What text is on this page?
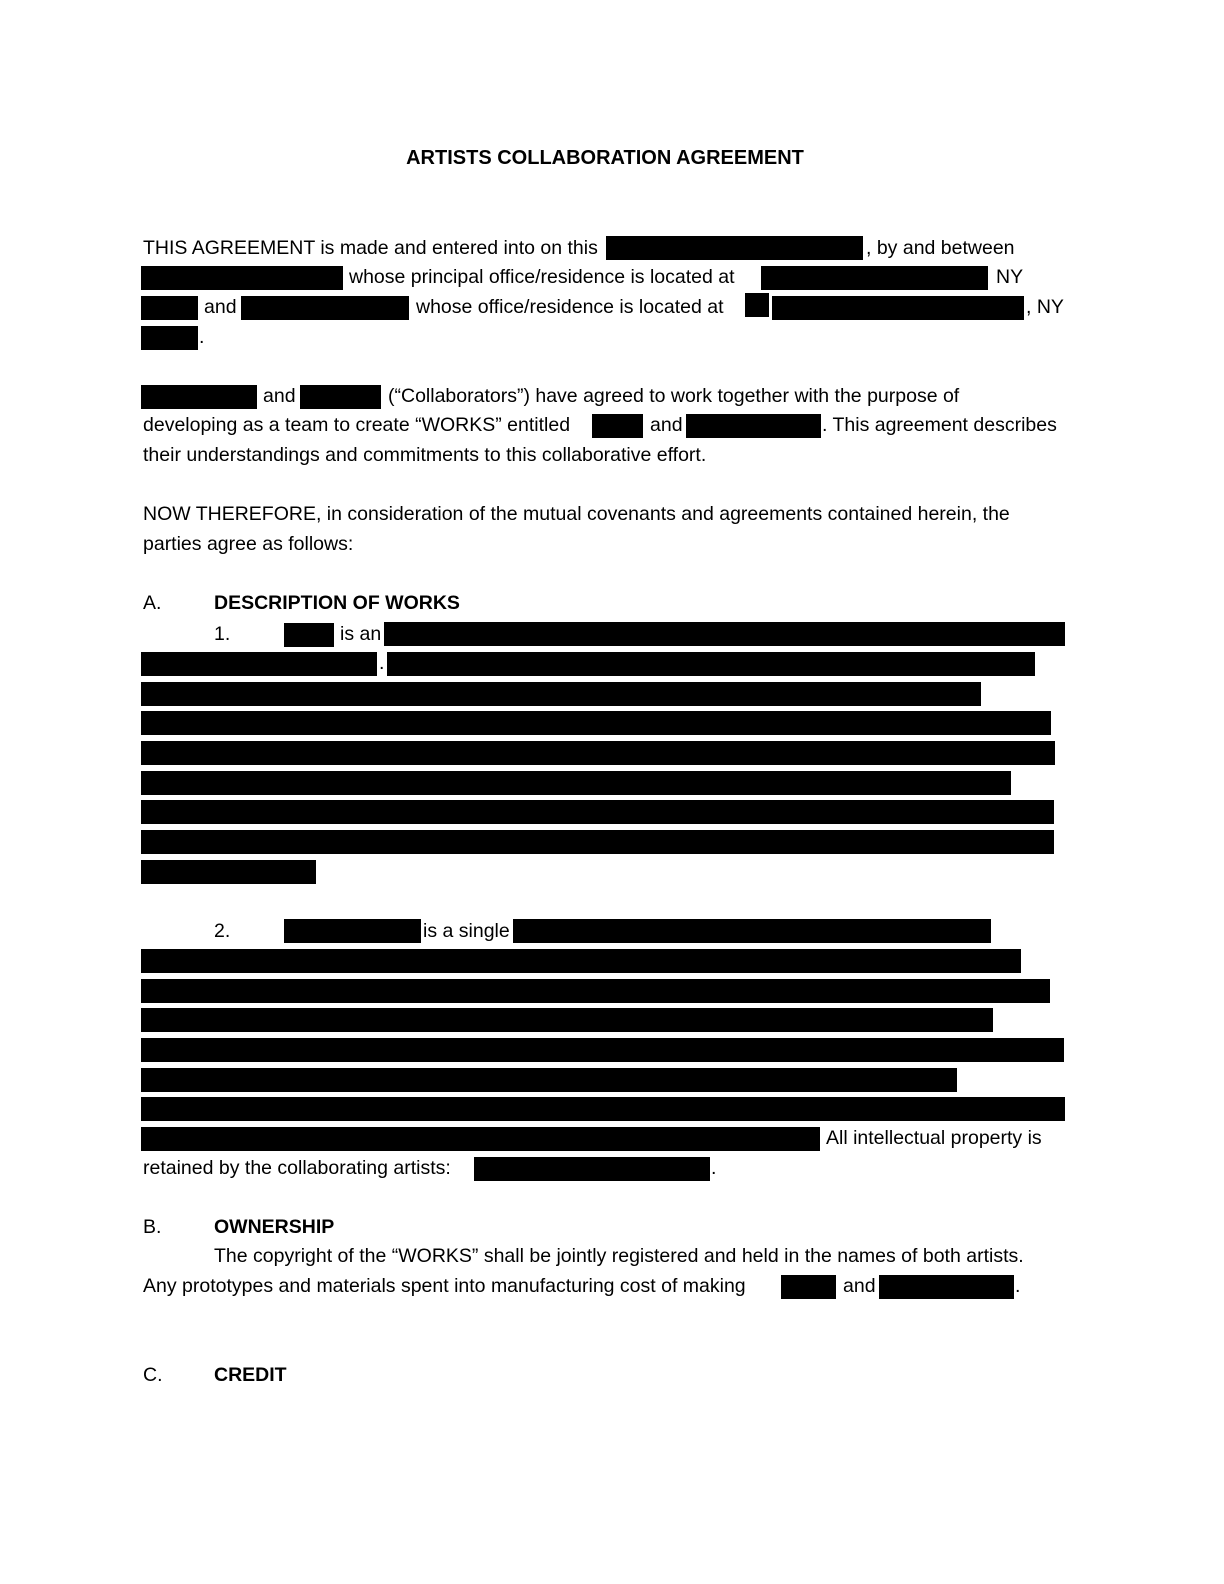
ARTISTS COLLABORATION AGREEMENT
THIS AGREEMENT is made and entered into on this	, by and between
whose principal office/residence is located at	NY
and	whose office/residence is located at	, NY
.
and	(“Collaborators”) have agreed to work together with the purpose of
developing as a team to create “WORKS” entitled	and	. This agreement describes
their understandings and commitments to this collaborative effort.
NOW THEREFORE, in consideration of the mutual covenants and agreements contained herein, the
parties agree as follows:
A.	DESCRIPTION OF WORKS
1.	is an
.
2.	is a single
All intellectual property is
retained by the collaborating artists:	.
B.	OWNERSHIP
The copyright of the “WORKS” shall be jointly registered and held in the names of both artists.
Any prototypes and materials spent into manufacturing cost of making	and	.
C.	CREDIT
